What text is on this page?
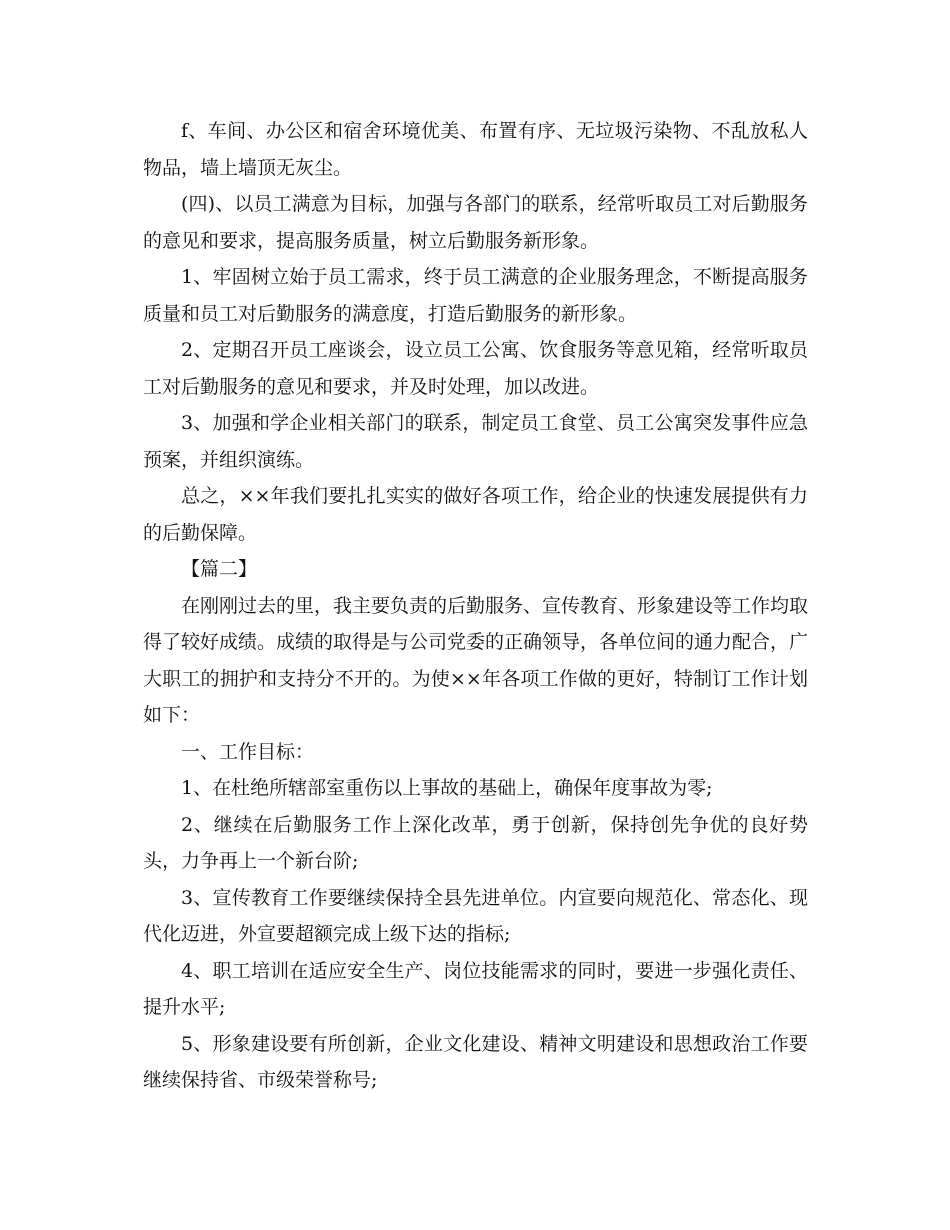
f、车间、办公区和宿舍环境优美、布置有序、无垃圾污染物、不乱放私人物品，墙上墙顶无灰尘。

(四)、以员工满意为目标，加强与各部门的联系，经常听取员工对后勤服务的意见和要求，提高服务质量，树立后勤服务新形象。

1、牢固树立始于员工需求，终于员工满意的企业服务理念，不断提高服务质量和员工对后勤服务的满意度，打造后勤服务的新形象。

2、定期召开员工座谈会，设立员工公寓、饮食服务等意见箱，经常听取员工对后勤服务的意见和要求，并及时处理，加以改进。

3、加强和学企业相关部门的联系，制定员工食堂、员工公寓突发事件应急预案，并组织演练。

总之，××年我们要扎扎实实的做好各项工作，给企业的快速发展提供有力的后勤保障。

【篇二】

在刚刚过去的里，我主要负责的后勤服务、宣传教育、形象建设等工作均取得了较好成绩。成绩的取得是与公司党委的正确领导，各单位间的通力配合，广大职工的拥护和支持分不开的。为使××年各项工作做的更好，特制订工作计划如下：

一、工作目标：

1、在杜绝所辖部室重伤以上事故的基础上，确保年度事故为零;

2、继续在后勤服务工作上深化改革，勇于创新，保持创先争优的良好势头，力争再上一个新台阶;

3、宣传教育工作要继续保持全县先进单位。内宣要向规范化、常态化、现代化迈进，外宣要超额完成上级下达的指标;

4、职工培训在适应安全生产、岗位技能需求的同时，要进一步强化责任、提升水平;

5、形象建设要有所创新，企业文化建设、精神文明建设和思想政治工作要继续保持省、市级荣誉称号;
